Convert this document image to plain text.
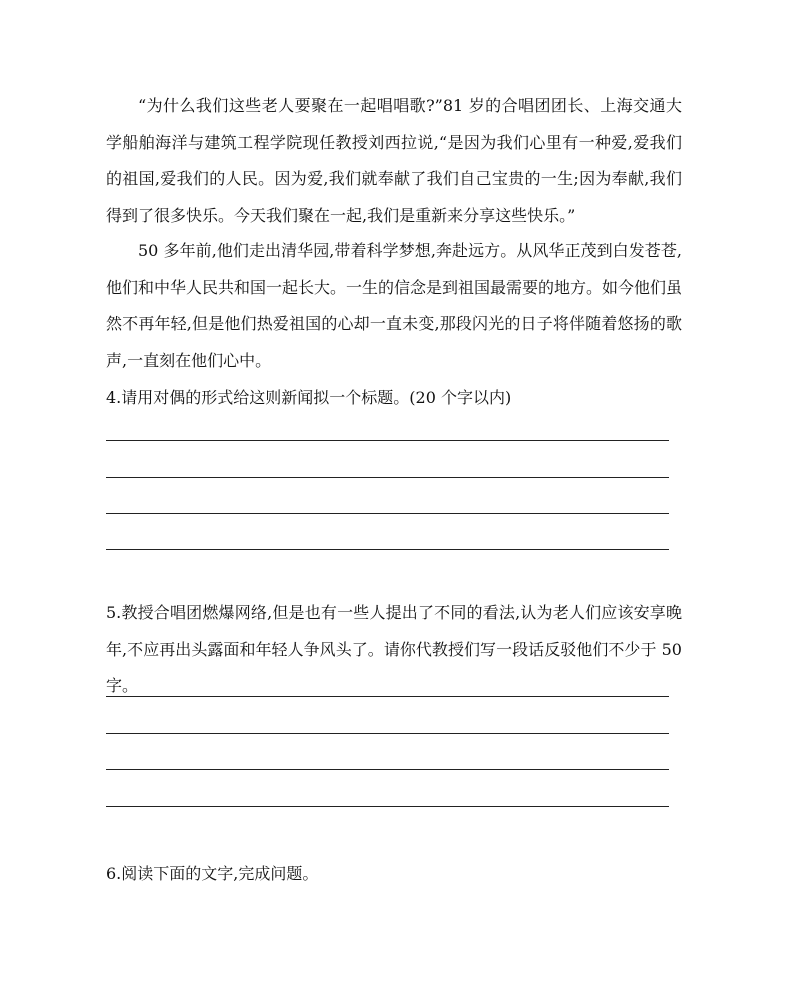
“为什么我们这些老人要聚在一起唱唱歌?”81 岁的合唱团团长、上海交通大学船舶海洋与建筑工程学院现任教授刘西拉说,“是因为我们心里有一种爱,爱我们的祖国,爱我们的人民。因为爱,我们就奉献了我们自己宝贵的一生;因为奉献,我们得到了很多快乐。今天我们聚在一起,我们是重新来分享这些快乐。”

50 多年前,他们走出清华园,带着科学梦想,奔赴远方。从风华正茂到白发苍苍,他们和中华人民共和国一起长大。一生的信念是到祖国最需要的地方。如今他们虽然不再年轻,但是他们热爱祖国的心却一直未变,那段闪光的日子将伴随着悠扬的歌声,一直刻在他们心中。

4.请用对偶的形式给这则新闻拟一个标题。(20 个字以内)

5.教授合唱团燃爆网络,但是也有一些人提出了不同的看法,认为老人们应该安享晚年,不应再出头露面和年轻人争风头了。请你代教授们写一段话反驳他们不少于 50 字。

6.阅读下面的文字,完成问题。
